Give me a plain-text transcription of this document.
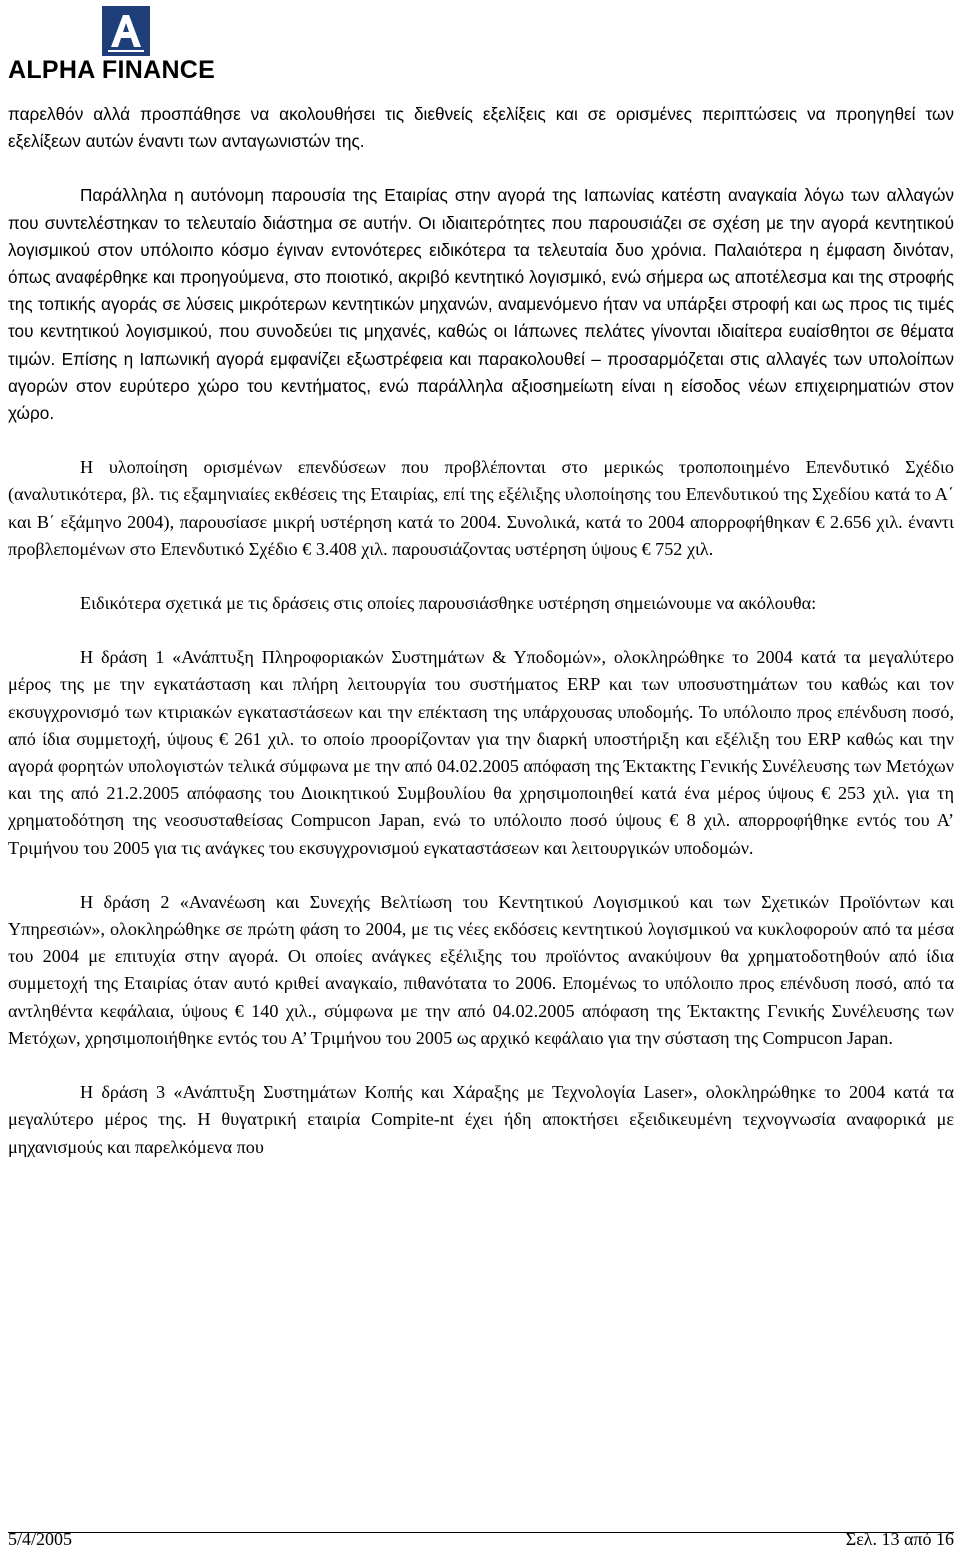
ALPHA FINANCE

παρελθόν αλλά προσπάθησε να ακολουθήσει τις διεθνείς εξελίξεις και σε ορισμένες περιπτώσεις να προηγηθεί των εξελίξεων αυτών έναντι των ανταγωνιστών της.

Παράλληλα η αυτόνομη παρουσία της Εταιρίας στην αγορά της Ιαπωνίας κατέστη αναγκαία λόγω των αλλαγών που συντελέστηκαν το τελευταίο διάστημα σε αυτήν. Οι ιδιαιτερότητες που παρουσιάζει σε σχέση με την αγορά κεντητικού λογισμικού στον υπόλοιπο κόσμο έγιναν εντονότερες ειδικότερα τα τελευταία δυο χρόνια. Παλαιότερα η έμφαση δινόταν, όπως αναφέρθηκε και προηγούμενα, στο ποιοτικό, ακριβό κεντητικό λογισμικό, ενώ σήμερα ως αποτέλεσμα και της στροφής της τοπικής αγοράς σε λύσεις μικρότερων κεντητικών μηχανών, αναμενόμενο ήταν να υπάρξει στροφή και ως προς τις τιμές του κεντητικού λογισμικού, που συνοδεύει τις μηχανές, καθώς οι Ιάπωνες πελάτες γίνονται ιδιαίτερα ευαίσθητοι σε θέματα τιμών. Επίσης η Ιαπωνική αγορά εμφανίζει εξωστρέφεια και παρακολουθεί – προσαρμόζεται στις αλλαγές των υπολοίπων αγορών στον ευρύτερο χώρο του κεντήματος, ενώ παράλληλα αξιοσημείωτη είναι η είσοδος νέων επιχειρηματιών στον χώρο.

Η υλοποίηση ορισμένων επενδύσεων που προβλέπονται στο μερικώς τροποποιημένο Επενδυτικό Σχέδιο (αναλυτικότερα, βλ. τις εξαμηνιαίες εκθέσεις της Εταιρίας, επί της εξέλιξης υλοποίησης του Επενδυτικού της Σχεδίου κατά το Α΄ και Β΄ εξάμηνο 2004), παρουσίασε μικρή υστέρηση κατά το 2004. Συνολικά, κατά το 2004 απορροφήθηκαν € 2.656 χιλ. έναντι προβλεπομένων στο Επενδυτικό Σχέδιο € 3.408 χιλ. παρουσιάζοντας υστέρηση ύψους € 752 χιλ.

Ειδικότερα σχετικά με τις δράσεις στις οποίες παρουσιάσθηκε υστέρηση σημειώνουμε να ακόλουθα:

Η δράση 1 «Ανάπτυξη Πληροφοριακών Συστημάτων & Υποδομών», ολοκληρώθηκε το 2004 κατά τα μεγαλύτερο μέρος της με την εγκατάσταση και πλήρη λειτουργία του συστήματος ERP και των υποσυστημάτων του καθώς και τον εκσυγχρονισμό των κτιριακών εγκαταστάσεων και την επέκταση της υπάρχουσας υποδομής. Το υπόλοιπο προς επένδυση ποσό, από ίδια συμμετοχή, ύψους € 261 χιλ. το οποίο προορίζονταν για την διαρκή υποστήριξη και εξέλιξη του ERP καθώς και την αγορά φορητών υπολογιστών τελικά σύμφωνα με την από 04.02.2005 απόφαση της Έκτακτης Γενικής Συνέλευσης των Μετόχων και της από 21.2.2005 απόφασης του Διοικητικού Συμβουλίου θα χρησιμοποιηθεί κατά ένα μέρος ύψους € 253 χιλ. για τη χρηματοδότηση της νεοσυσταθείσας Compucon Japan, ενώ το υπόλοιπο ποσό ύψους € 8 χιλ. απορροφήθηκε εντός του Α’ Τριμήνου του 2005 για τις ανάγκες του εκσυγχρονισμού εγκαταστάσεων και λειτουργικών υποδομών.

Η δράση 2 «Ανανέωση και Συνεχής Βελτίωση του Κεντητικού Λογισμικού και των Σχετικών Προϊόντων και Υπηρεσιών», ολοκληρώθηκε σε πρώτη φάση το 2004, με τις νέες εκδόσεις κεντητικού λογισμικού να κυκλοφορούν από τα μέσα του 2004 με επιτυχία στην αγορά. Οι οποίες ανάγκες εξέλιξης του προϊόντος ανακύψουν θα χρηματοδοτηθούν από ίδια συμμετοχή της Εταιρίας όταν αυτό κριθεί αναγκαίο, πιθανότατα το 2006. Επομένως το υπόλοιπο προς επένδυση ποσό, από τα αντληθέντα κεφάλαια, ύψους € 140 χιλ., σύμφωνα με την από 04.02.2005 απόφαση της Έκτακτης Γενικής Συνέλευσης των Μετόχων, χρησιμοποιήθηκε εντός του Α’ Τριμήνου του 2005 ως αρχικό κεφάλαιο για την σύσταση της Compucon Japan.

Η δράση 3 «Ανάπτυξη Συστημάτων Κοπής και Χάραξης με Τεχνολογία Laser», ολοκληρώθηκε το 2004 κατά τα μεγαλύτερο μέρος της. Η θυγατρική εταιρία Compite-nt έχει ήδη αποκτήσει εξειδικευμένη τεχνογνωσία αναφορικά με μηχανισμούς και παρελκόμενα που

5/4/2005	Σελ. 13 από 16
